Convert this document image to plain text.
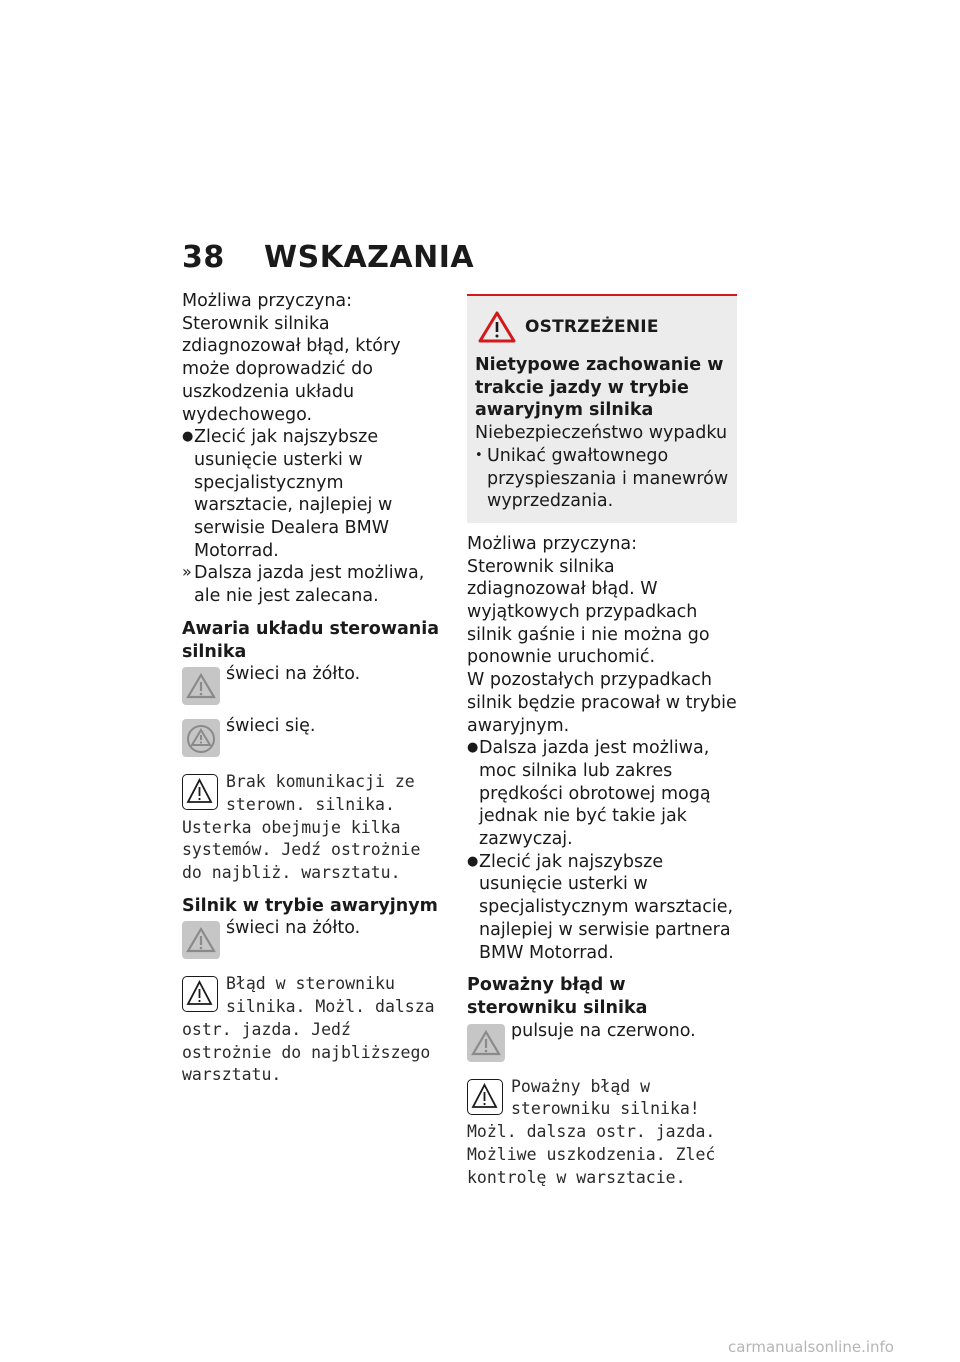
38 WSKAZANIA

Możliwa przyczyna:

Sterownik silnika zdiagnozował błąd, który może doprowadzić do uszkodzenia układu wydechowego.

● Zlecić jak najszybsze usunięcie usterki w specjalistycznym warsztacie, najlepiej w serwisie Dealera BMW Motorrad.
» Dalsza jazda jest możliwa, ale nie jest zalecana.
Awaria układu sterowania silnika
świeci na żółto.
świeci się.

Brak komunikacji ze sterown. silnika. Usterka obejmuje kilka systemów. Jedź ostrożnie do najbliż. warsztatu.

Silnik w trybie awaryjnym
świeci na żółto.

Błąd w sterowniku silnika. Możl. dalsza ostr. jazda. Jedź ostrożnie do najbliższego warsztatu.

OSTRZEŻENIE
Nietypowe zachowanie w trakcie jazdy w trybie awaryjnym silnika

Niebezpieczeństwo wypadku

• Unikać gwałtownego przyspieszania i manewrów wyprzedzania.

Możliwa przyczyna:

Sterownik silnika zdiagnozował błąd. W wyjątkowych przypadkach silnik gaśnie i nie można go ponownie uruchomić.

W pozostałych przypadkach silnik będzie pracował w trybie awaryjnym.

● Dalsza jazda jest możliwa, moc silnika lub zakres prędkości obrotowej mogą jednak nie być takie jak zazwyczaj.
● Zlecić jak najszybsze usunięcie usterki w specjalistycznym warsztacie, najlepiej w serwisie partnera BMW Motorrad.
Poważny błąd w sterowniku silnika
pulsuje na czerwono.

Poważny błąd w sterowniku silnika! Możl. dalsza ostr. jazda. Możliwe uszkodzenia. Zleć kontrolę w warsztacie.

carmanualsonline.info
